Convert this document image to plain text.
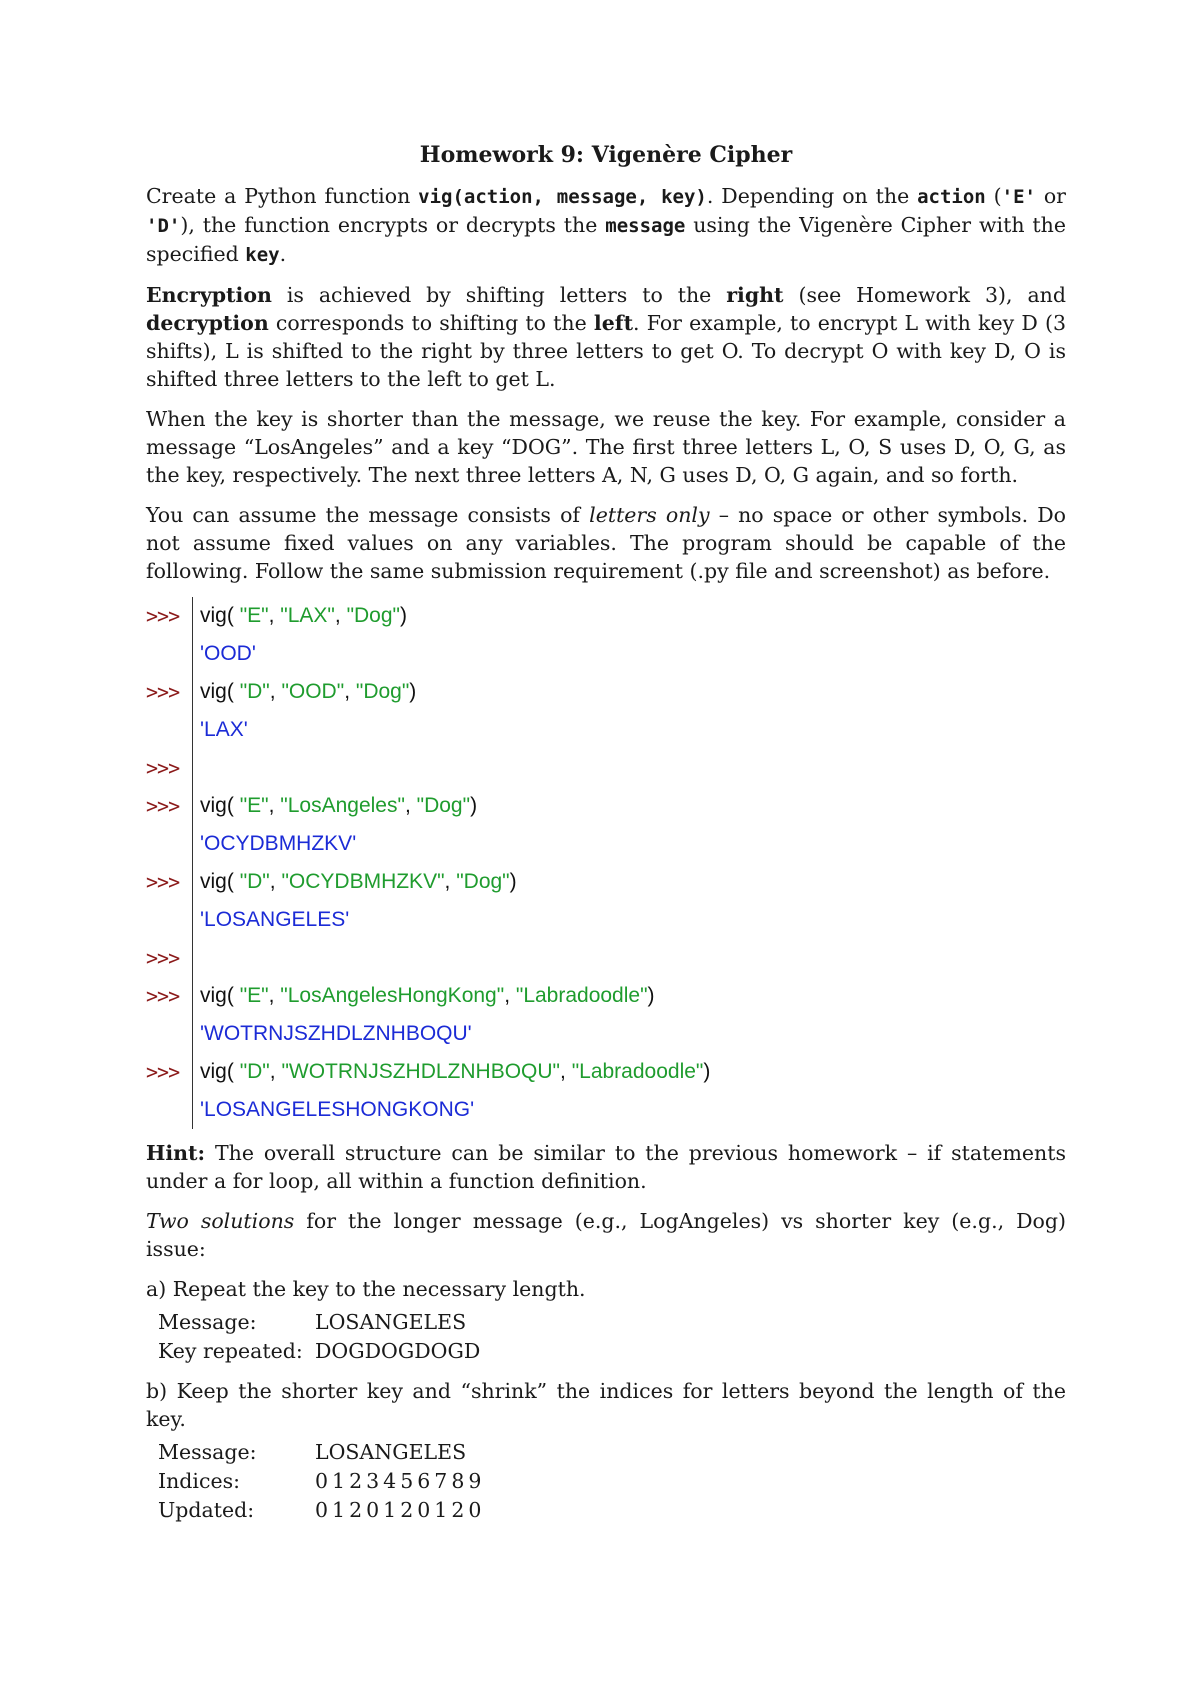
Homework 9: Vigenère Cipher

Create a Python function vig(action, message, key). Depending on the action ('E' or 'D'), the function encrypts or decrypts the message using the Vigenère Cipher with the specified key.

Encryption is achieved by shifting letters to the right (see Homework 3), and decryption corresponds to shifting to the left. For example, to encrypt L with key D (3 shifts), L is shifted to the right by three letters to get O. To decrypt O with key D, O is shifted three letters to the left to get L.

When the key is shorter than the message, we reuse the key. For example, consider a message “LosAngeles” and a key “DOG”. The first three letters L, O, S uses D, O, G, as the key, respectively. The next three letters A, N, G uses D, O, G again, and so forth.

You can assume the message consists of letters only – no space or other symbols. Do not assume fixed values on any variables. The program should be capable of the following. Follow the same submission requirement (.py file and screenshot) as before.

>>> vig( "E", "LAX", "Dog")
'OOD'
>>> vig( "D", "OOD", "Dog")
'LAX'
>>>
>>> vig( "E", "LosAngeles", "Dog")
'OCYDBMHZKV'
>>> vig( "D", "OCYDBMHZKV", "Dog")
'LOSANGELES'
>>>
>>> vig( "E", "LosAngelesHongKong", "Labradoodle")
'WOTRNJSZHDLZNHBOQU'
>>> vig( "D", "WOTRNJSZHDLZNHBOQU", "Labradoodle")
'LOSANGELESHONGKONG'

Hint: The overall structure can be similar to the previous homework – if statements under a for loop, all within a function definition.

Two solutions for the longer message (e.g., LogAngeles) vs shorter key (e.g., Dog) issue:

a) Repeat the key to the necessary length.

Message:	LOSANGELES
Key repeated: DOGDOGDOGD

b) Keep the shorter key and “shrink” the indices for letters beyond the length of the key.

Message:	LOSANGELES
Indices:	0123456789
Updated:	0120120120
